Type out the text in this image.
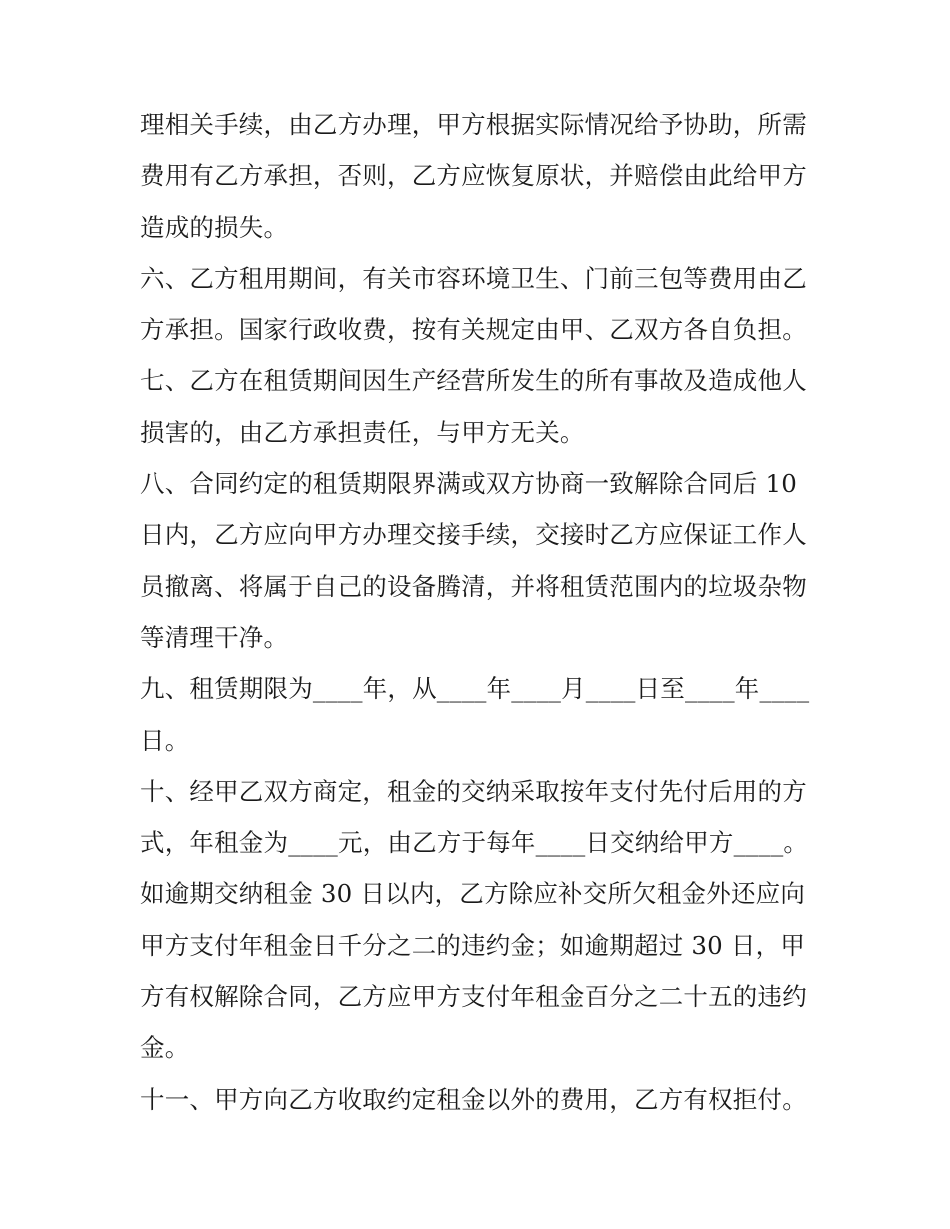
理相关手续，由乙方办理，甲方根据实际情况给予协助，所需
费用有乙方承担，否则，乙方应恢复原状，并赔偿由此给甲方
造成的损失。
六、乙方租用期间，有关市容环境卫生、门前三包等费用由乙
方承担。国家行政收费，按有关规定由甲、乙双方各自负担。
七、乙方在租赁期间因生产经营所发生的所有事故及造成他人
损害的，由乙方承担责任，与甲方无关。
八、合同约定的租赁期限界满或双方协商一致解除合同后 10
日内，乙方应向甲方办理交接手续，交接时乙方应保证工作人
员撤离、将属于自己的设备腾清，并将租赁范围内的垃圾杂物
等清理干净。
九、租赁期限为____年，从____年____月____日至____年____
日。
十、经甲乙双方商定，租金的交纳采取按年支付先付后用的方
式，年租金为____元，由乙方于每年____日交纳给甲方____。
如逾期交纳租金 30 日以内，乙方除应补交所欠租金外还应向
甲方支付年租金日千分之二的违约金；如逾期超过 30 日，甲
方有权解除合同，乙方应甲方支付年租金百分之二十五的违约
金。
十一、甲方向乙方收取约定租金以外的费用，乙方有权拒付。
